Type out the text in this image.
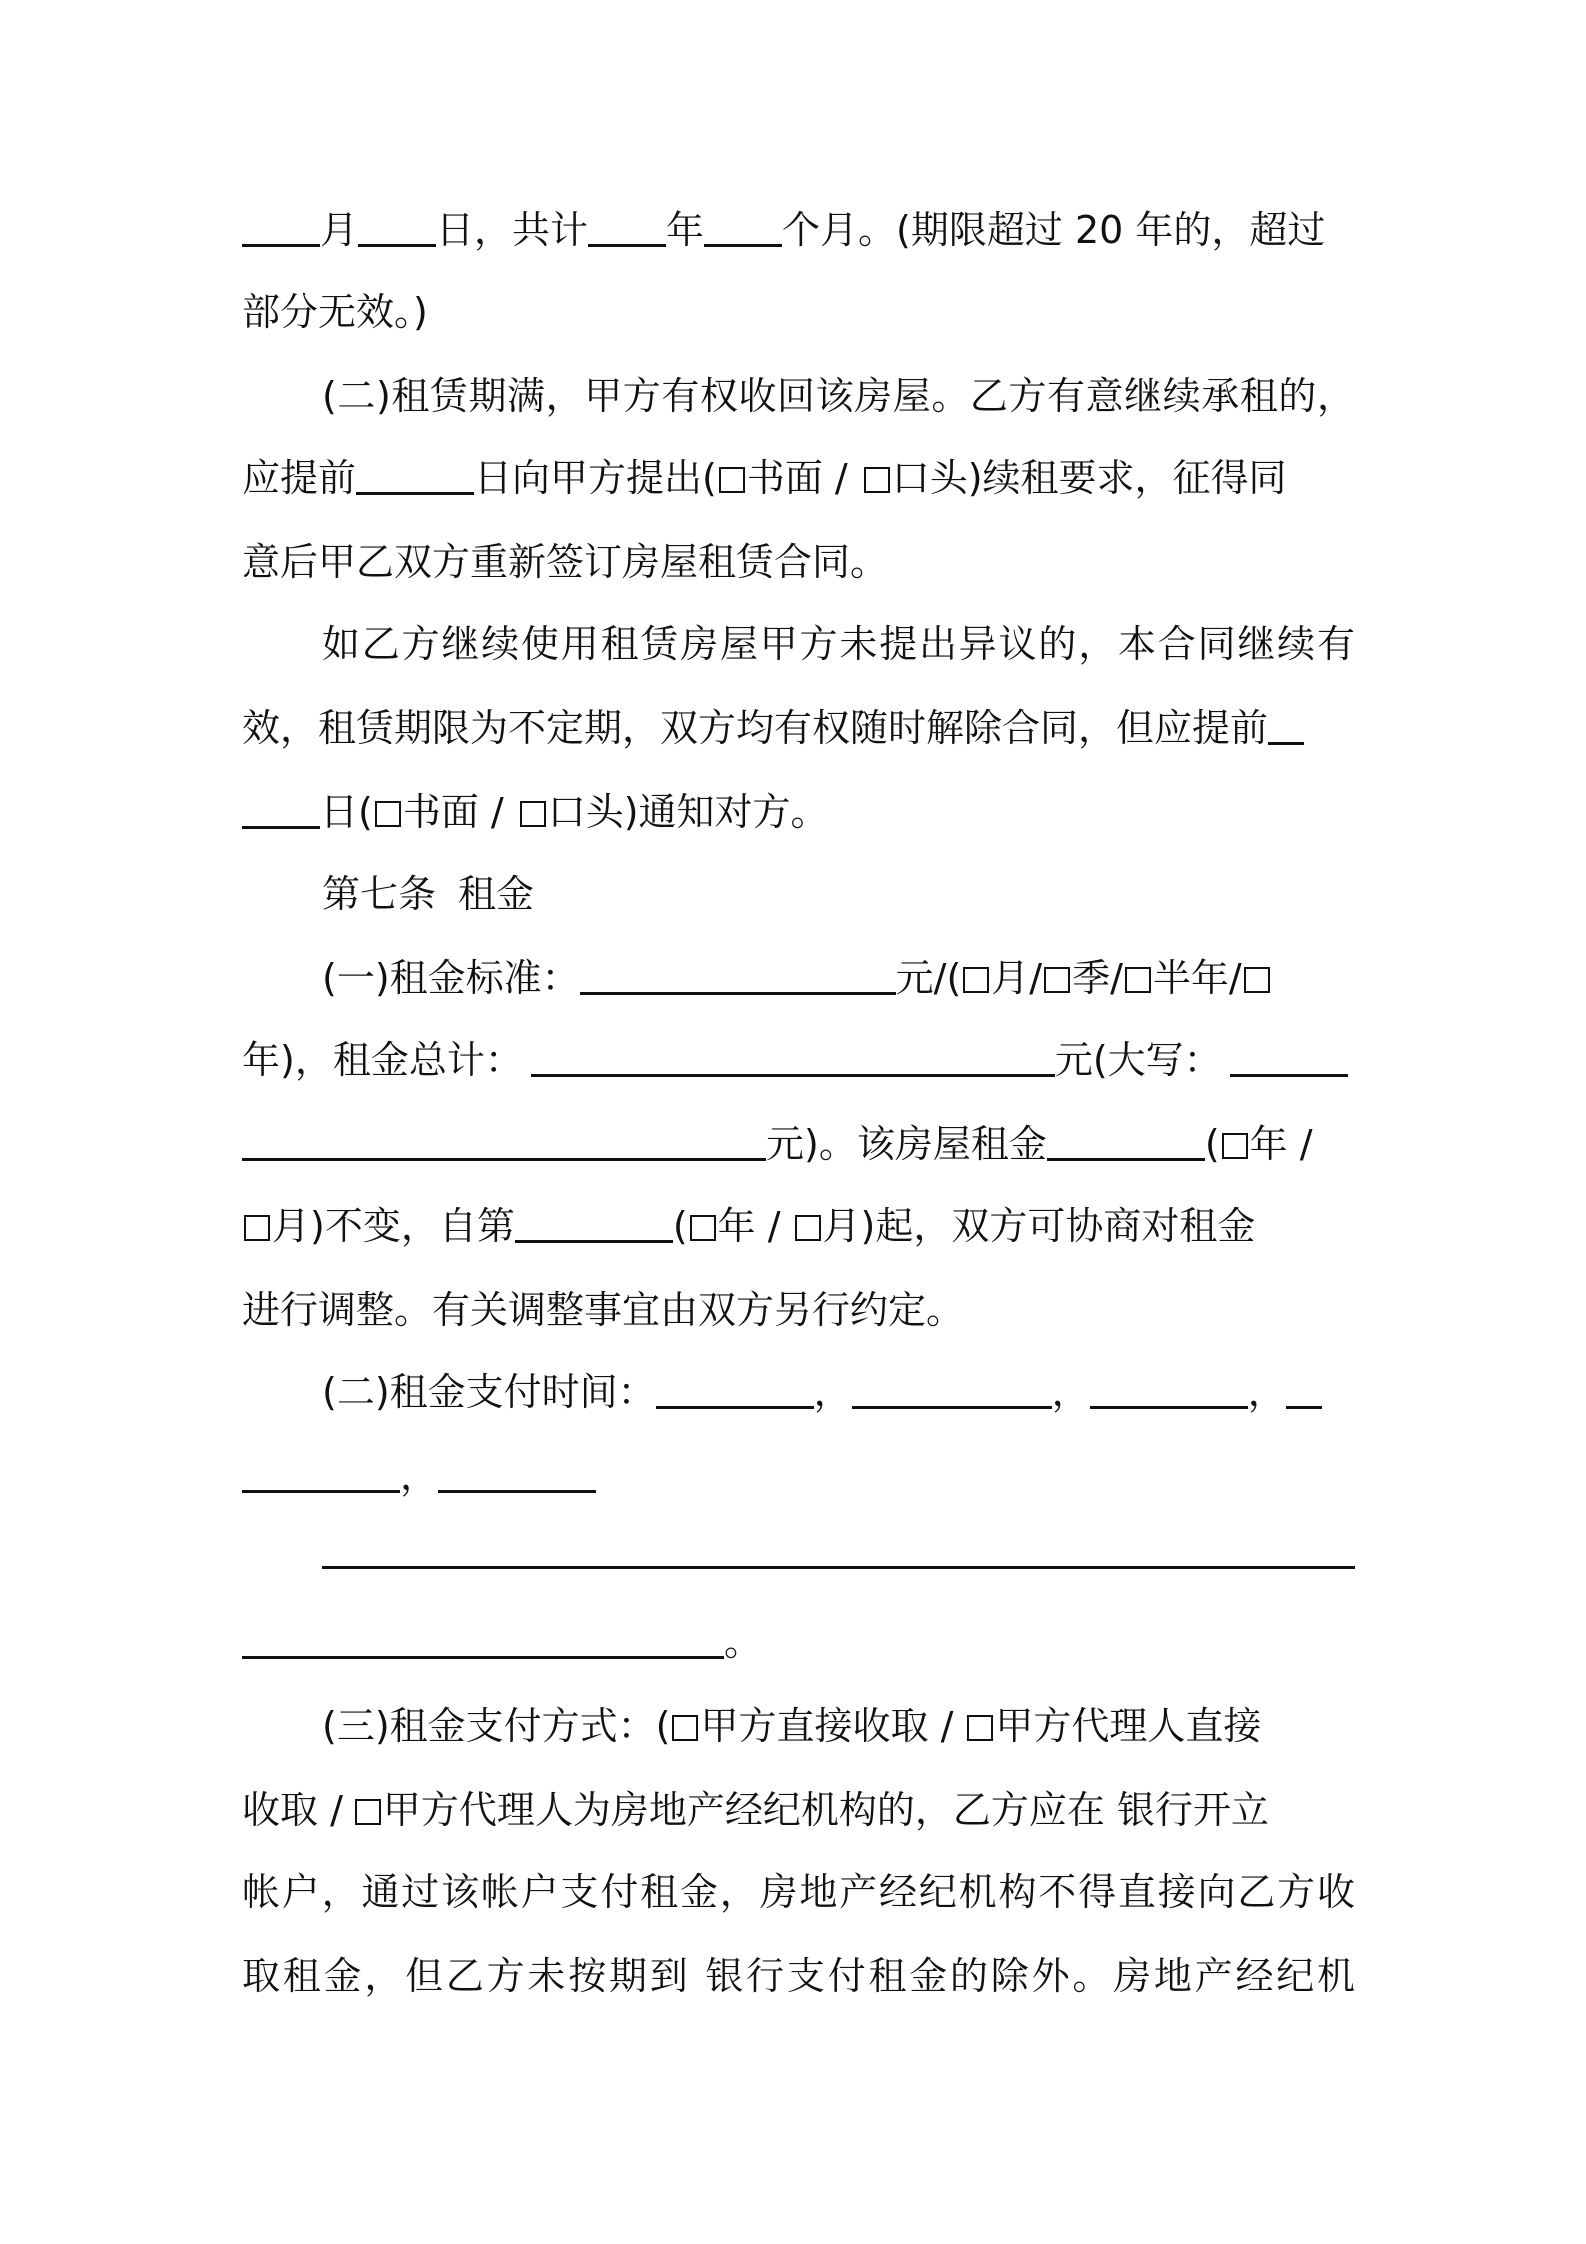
月 日，共计 年 个月。(期限超过 20 年的，超过
部分无效。)
(二)租赁期满，甲方有权收回该房屋。乙方有意继续承租的，
应提前	日向甲方提出( 书面 / 口头)续租要求，征得同
意后甲乙双方重新签订房屋租赁合同。
如乙方继续使用租赁房屋甲方未提出异议的，本合同继续有
效，租赁期限为不定期，双方均有权随时解除合同，但应提前
日( 书面 / 口头)通知对方。
第七条 租金
(一)租金标准：	元/( 月/ 季/ 半年/
年)，租金总计：	元(大写：
元)。该房屋租金	( 年 /
月)不变，自第	( 年 / 月)起，双方可协商对租金
进行调整。有关调整事宜由双方另行约定。
(二)租金支付时间：	，	，	，
，
。
(三)租金支付方式：( 甲方直接收取 / 甲方代理人直接
收取 / 甲方代理人为房地产经纪机构的，乙方应在 银行开立
帐户，通过该帐户支付租金，房地产经纪机构不得直接向乙方收
取租金，但乙方未按期到 银行支付租金的除外。房地产经纪机
